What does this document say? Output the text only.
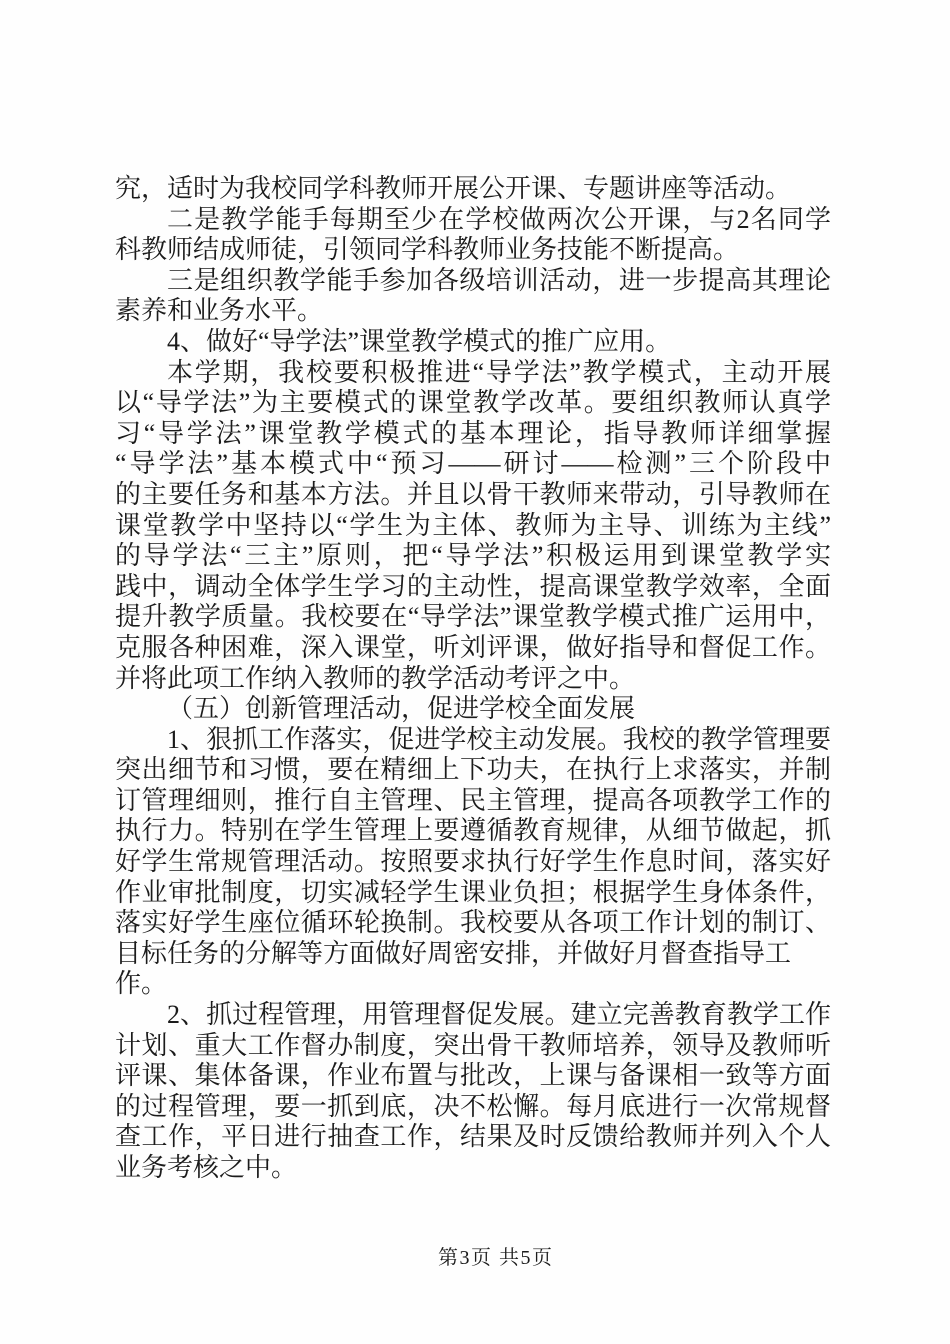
究，适时为我校同学科教师开展公开课、专题讲座等活动。
二是教学能手每期至少在学校做两次公开课，与2名同学
科教师结成师徒，引领同学科教师业务技能不断提高。
三是组织教学能手参加各级培训活动，进一步提高其理论
素养和业务水平。
4、做好“导学法”课堂教学模式的推广应用。
本学期，我校要积极推进“导学法”教学模式，主动开展
以“导学法”为主要模式的课堂教学改革。要组织教师认真学
习“导学法”课堂教学模式的基本理论，指导教师详细掌握
“导学法”基本模式中“预习——研讨——检测”三个阶段中
的主要任务和基本方法。并且以骨干教师来带动，引导教师在
课堂教学中坚持以“学生为主体、教师为主导、训练为主线”
的导学法“三主”原则，把“导学法”积极运用到课堂教学实
践中，调动全体学生学习的主动性，提高课堂教学效率，全面
提升教学质量。我校要在“导学法”课堂教学模式推广运用中，
克服各种困难，深入课堂，听刘评课，做好指导和督促工作。
并将此项工作纳入教师的教学活动考评之中。
（五）创新管理活动，促进学校全面发展
1、狠抓工作落实，促进学校主动发展。我校的教学管理要
突出细节和习惯，要在精细上下功夫，在执行上求落实，并制
订管理细则，推行自主管理、民主管理，提高各项教学工作的
执行力。特别在学生管理上要遵循教育规律，从细节做起，抓
好学生常规管理活动。按照要求执行好学生作息时间，落实好
作业审批制度，切实减轻学生课业负担；根据学生身体条件，
落实好学生座位循环轮换制。我校要从各项工作计划的制订、
目标任务的分解等方面做好周密安排，并做好月督查指导工作。
2、抓过程管理，用管理督促发展。建立完善教育教学工作
计划、重大工作督办制度，突出骨干教师培养，领导及教师听
评课、集体备课，作业布置与批改，上课与备课相一致等方面
的过程管理，要一抓到底，决不松懈。每月底进行一次常规督
查工作，平日进行抽查工作，结果及时反馈给教师并列入个人
业务考核之中。
第3页 共5页
